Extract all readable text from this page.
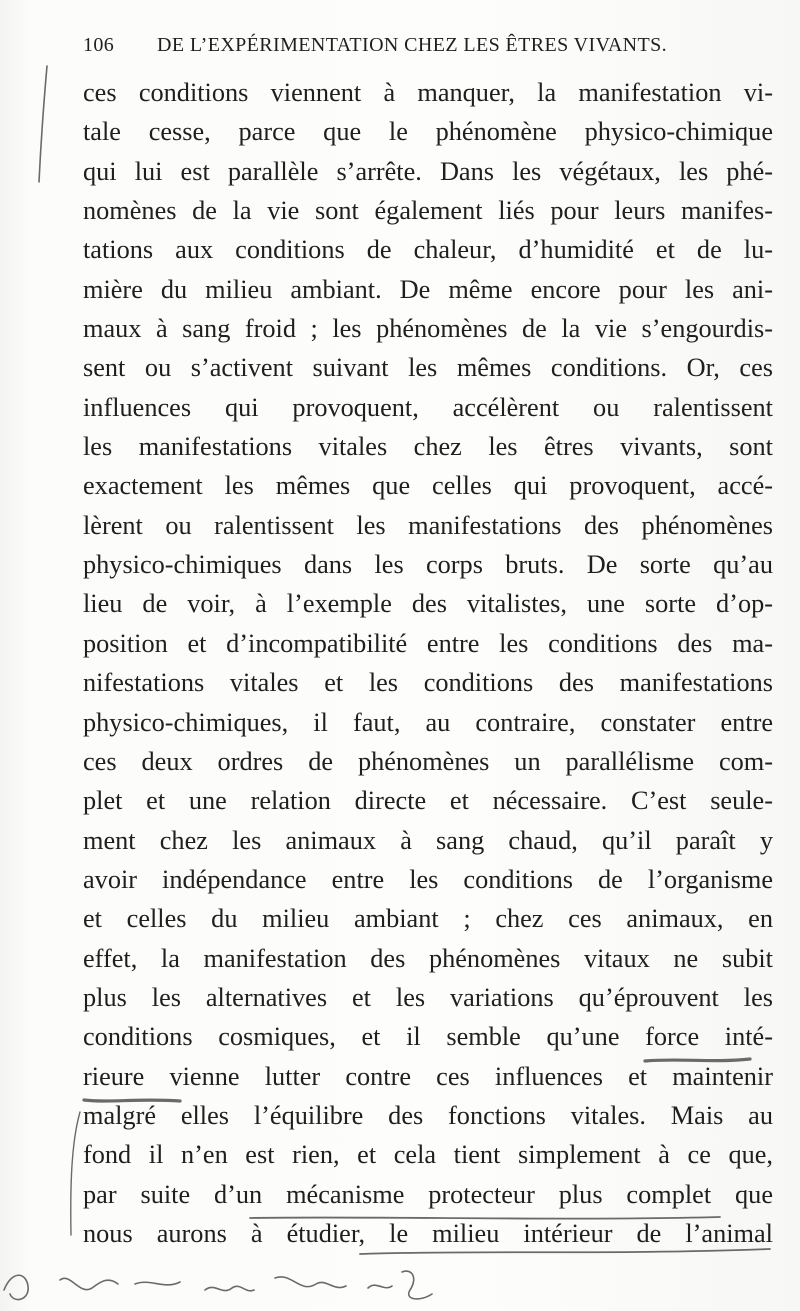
106 DE L’EXPÉRIMENTATION CHEZ LES ÊTRES VIVANTS.
ces conditions viennent à manquer, la manifestation vi-
tale cesse, parce que le phénomène physico-chimique
qui lui est parallèle s’arrête. Dans les végétaux, les phé-
nomènes de la vie sont également liés pour leurs manifes-
tations aux conditions de chaleur, d’humidité et de lu-
mière du milieu ambiant. De même encore pour les ani-
maux à sang froid ; les phénomènes de la vie s’engourdis-
sent ou s’activent suivant les mêmes conditions. Or, ces
influences qui provoquent, accélèrent ou ralentissent
les manifestations vitales chez les êtres vivants, sont
exactement les mêmes que celles qui provoquent, accé-
lèrent ou ralentissent les manifestations des phénomènes
physico-chimiques dans les corps bruts. De sorte qu’au
lieu de voir, à l’exemple des vitalistes, une sorte d’op-
position et d’incompatibilité entre les conditions des ma-
nifestations vitales et les conditions des manifestations
physico-chimiques, il faut, au contraire, constater entre
ces deux ordres de phénomènes un parallélisme com-
plet et une relation directe et nécessaire. C’est seule-
ment chez les animaux à sang chaud, qu’il paraît y
avoir indépendance entre les conditions de l’organisme
et celles du milieu ambiant ; chez ces animaux, en
effet, la manifestation des phénomènes vitaux ne subit
plus les alternatives et les variations qu’éprouvent les
conditions cosmiques, et il semble qu’une force inté-
rieure vienne lutter contre ces influences et maintenir
malgré elles l’équilibre des fonctions vitales. Mais au
fond il n’en est rien, et cela tient simplement à ce que,
par suite d’un mécanisme protecteur plus complet que
nous aurons à étudier, le milieu intérieur de l’animal
